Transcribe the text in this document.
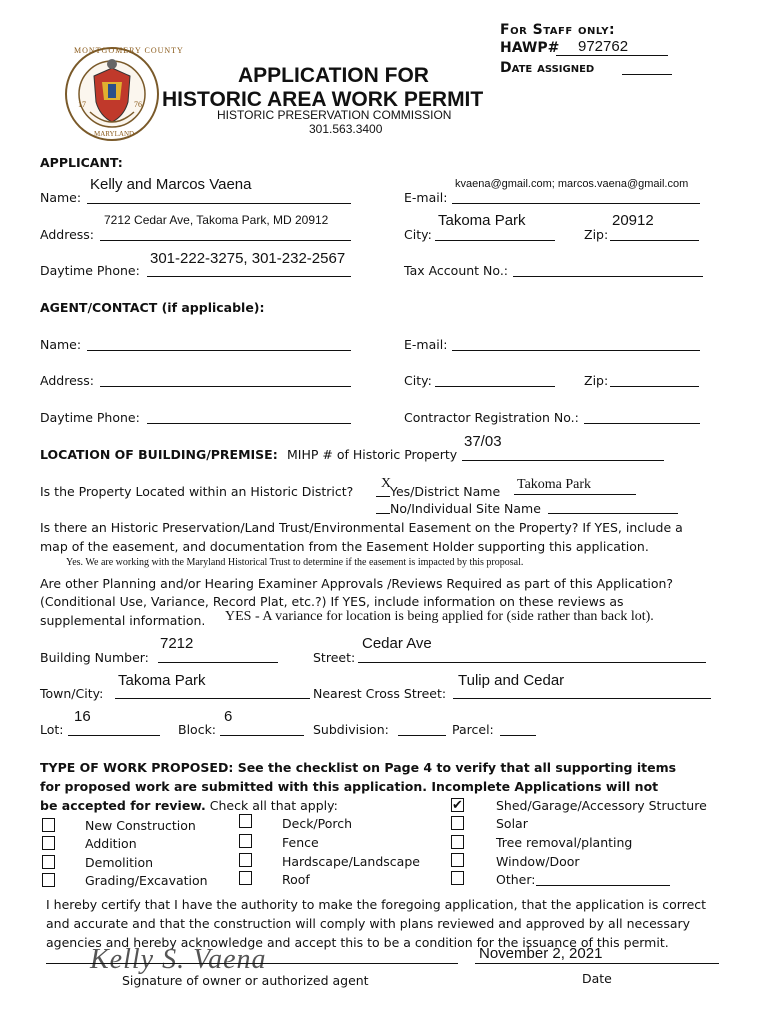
For Staff only:
HAWP# 972762
Date assigned
MONTGOMERY COUNTY
MARYLAND
17	76
APPLICATION FOR
HISTORIC AREA WORK PERMIT
HISTORIC PRESERVATION COMMISSION
301.563.3400
APPLICANT:
Name:
Kelly and Marcos Vaena
E-mail:
kvaena@gmail.com; marcos.vaena@gmail.com
Address:
7212 Cedar Ave, Takoma Park, MD 20912
City:
Takoma Park
Zip:
20912
Daytime Phone:
301-222-3275, 301-232-2567
Tax Account No.:
AGENT/CONTACT (if applicable):
Name:	E-mail:
Address:	City:	Zip:
Daytime Phone:	Contractor Registration No.:
LOCATION OF BUILDING/PREMISE: MIHP # of Historic Property
37/03
Is the Property Located within an Historic District?
X
Yes/District Name Takoma Park
No/Individual Site Name
Is there an Historic Preservation/Land Trust/Environmental Easement on the Property? If YES, include a
map of the easement, and documentation from the Easement Holder supporting this application.
Yes. We are working with the Maryland Historical Trust to determine if the easement is impacted by this proposal.
Are other Planning and/or Hearing Examiner Approvals /Reviews Required as part of this Application?
(Conditional Use, Variance, Record Plat, etc.?) If YES, include information on these reviews as
supplemental information. YES - A variance for location is being applied for (side rather than back lot).
Building Number:
7212
Street:
Cedar Ave
Town/City:
Takoma Park
Nearest Cross Street:
Tulip and Cedar
Lot:
16
Block:
6
Subdivision:	Parcel:
TYPE OF WORK PROPOSED: See the checklist on Page 4 to verify that all supporting items
for proposed work are submitted with this application. Incomplete Applications will not
be accepted for review. Check all that apply:
New Construction
Addition
Demolition
Grading/Excavation
Deck/Porch
Fence
Hardscape/Landscape
Roof
✔	Shed/Garage/Accessory Structure
Solar
Tree removal/planting
Window/Door
Other:
I hereby certify that I have the authority to make the foregoing application, that the application is correct
and accurate and that the construction will comply with plans reviewed and approved by all necessary
agencies and hereby acknowledge and accept this to be a condition for the issuance of this permit.
Kelly S. Vaena	November 2, 2021
Signature of owner or authorized agent	Date
